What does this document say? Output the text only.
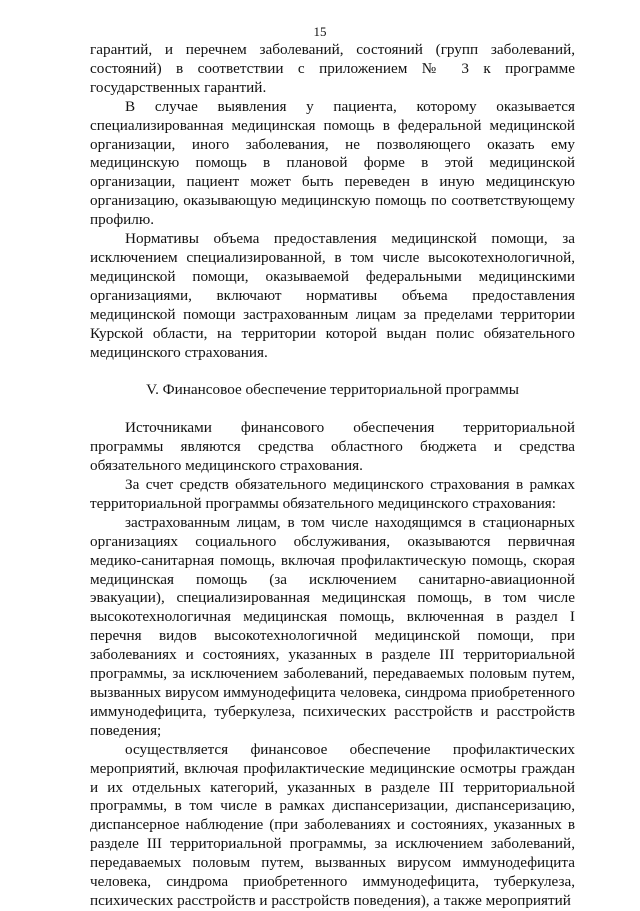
15

гарантий, и перечнем заболеваний, состояний (групп заболеваний, состояний) в соответствии с приложением № 3 к программе государственных гарантий.

В случае выявления у пациента, которому оказывается специализированная медицинская помощь в федеральной медицинской организации, иного заболевания, не позволяющего оказать ему медицинскую помощь в плановой форме в этой медицинской организации, пациент может быть переведен в иную медицинскую организацию, оказывающую медицинскую помощь по соответствующему профилю.

Нормативы объема предоставления медицинской помощи, за исключением специализированной, в том числе высокотехнологичной, медицинской помощи, оказываемой федеральными медицинскими организациями, включают нормативы объема предоставления медицинской помощи застрахованным лицам за пределами территории Курской области, на территории которой выдан полис обязательного медицинского страхования.

V. Финансовое обеспечение территориальной программы

Источниками финансового обеспечения территориальной программы являются средства областного бюджета и средства обязательного медицинского страхования.

За счет средств обязательного медицинского страхования в рамках территориальной программы обязательного медицинского страхования:

застрахованным лицам, в том числе находящимся в стационарных организациях социального обслуживания, оказываются первичная медико-санитарная помощь, включая профилактическую помощь, скорая медицинская помощь (за исключением санитарно-авиационной эвакуации), специализированная медицинская помощь, в том числе высокотехнологичная медицинская помощь, включенная в раздел I перечня видов высокотехнологичной медицинской помощи, при заболеваниях и состояниях, указанных в разделе III территориальной программы, за исключением заболеваний, передаваемых половым путем, вызванных вирусом иммунодефицита человека, синдрома приобретенного иммунодефицита, туберкулеза, психических расстройств и расстройств поведения;

осуществляется финансовое обеспечение профилактических мероприятий, включая профилактические медицинские осмотры граждан и их отдельных категорий, указанных в разделе III территориальной программы, в том числе в рамках диспансеризации, диспансеризацию, диспансерное наблюдение (при заболеваниях и состояниях, указанных в разделе III территориальной программы, за исключением заболеваний, передаваемых половым путем, вызванных вирусом иммунодефицита человека, синдрома приобретенного иммунодефицита, туберкулеза, психических расстройств и расстройств поведения), а также мероприятий
